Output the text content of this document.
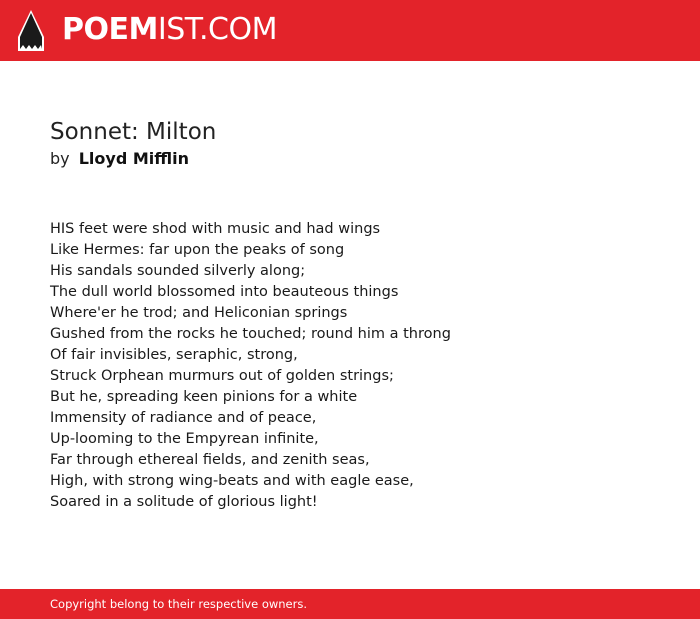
POEMIST.COM
Sonnet: Milton
by Lloyd Mifflin
HIS feet were shod with music and had wings
Like Hermes: far upon the peaks of song
His sandals sounded silverly along;
The dull world blossomed into beauteous things
Where'er he trod; and Heliconian springs
Gushed from the rocks he touched; round him a throng
Of fair invisibles, seraphic, strong,
Struck Orphean murmurs out of golden strings;
But he, spreading keen pinions for a white
Immensity of radiance and of peace,
Up-looming to the Empyrean infinite,
Far through ethereal fields, and zenith seas,
High, with strong wing-beats and with eagle ease,
Soared in a solitude of glorious light!
Copyright belong to their respective owners.
